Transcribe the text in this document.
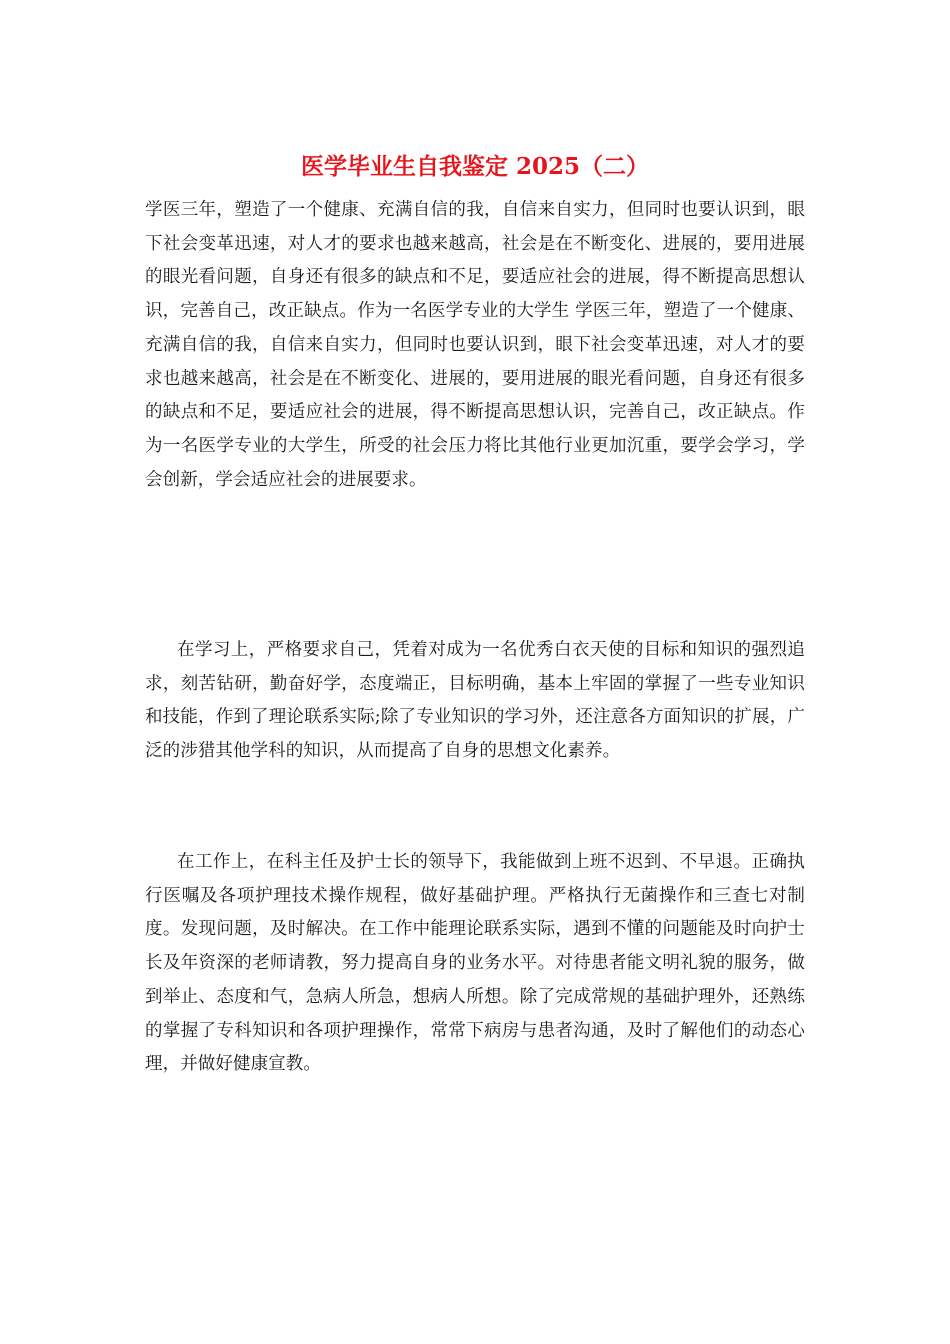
医学毕业生自我鉴定 2025（二）

学医三年，塑造了一个健康、充满自信的我，自信来自实力，但同时也要认识到，眼下社会变革迅速，对人才的要求也越来越高，社会是在不断变化、进展的，要用进展的眼光看问题，自身还有很多的缺点和不足，要适应社会的进展，得不断提高思想认识，完善自己，改正缺点。作为一名医学专业的大学生 学医三年，塑造了一个健康、充满自信的我，自信来自实力，但同时也要认识到，眼下社会变革迅速，对人才的要求也越来越高，社会是在不断变化、进展的，要用进展的眼光看问题，自身还有很多的缺点和不足，要适应社会的进展，得不断提高思想认识，完善自己，改正缺点。作为一名医学专业的大学生，所受的社会压力将比其他行业更加沉重，要学会学习，学会创新，学会适应社会的进展要求。

在学习上，严格要求自己，凭着对成为一名优秀白衣天使的目标和知识的强烈追求，刻苦钻研，勤奋好学，态度端正，目标明确，基本上牢固的掌握了一些专业知识和技能，作到了理论联系实际;除了专业知识的学习外，还注意各方面知识的扩展，广泛的涉猎其他学科的知识，从而提高了自身的思想文化素养。

在工作上，在科主任及护士长的领导下，我能做到上班不迟到、不早退。正确执行医嘱及各项护理技术操作规程，做好基础护理。严格执行无菌操作和三查七对制度。发现问题，及时解决。在工作中能理论联系实际，遇到不懂的问题能及时向护士长及年资深的老师请教，努力提高自身的业务水平。对待患者能文明礼貌的服务，做到举止、态度和气，急病人所急，想病人所想。除了完成常规的基础护理外，还熟练的掌握了专科知识和各项护理操作，常常下病房与患者沟通，及时了解他们的动态心理，并做好健康宣教。
